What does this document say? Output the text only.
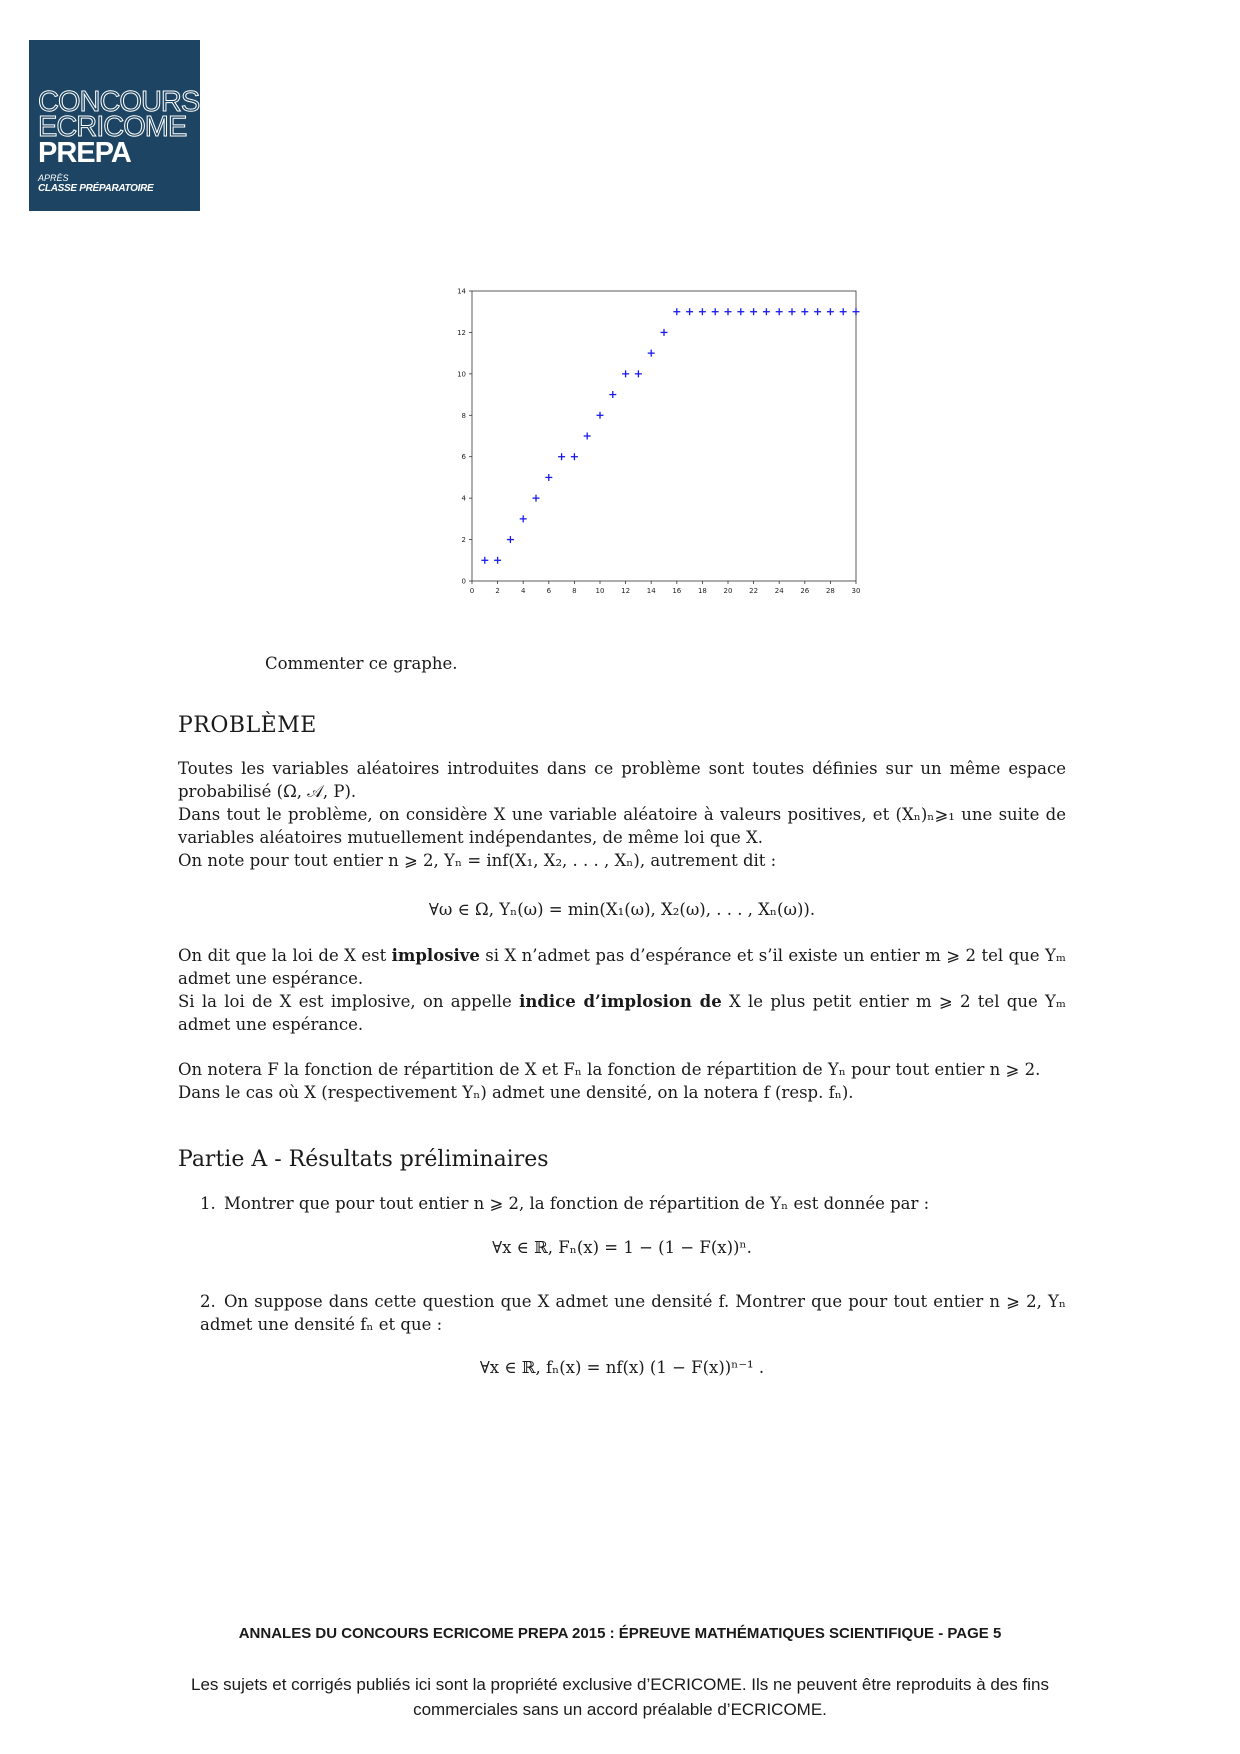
CONCOURS
ECRICOME
PREPA
APRÈS
CLASSE PRÉPARATOIRE
0	2	4	6	8	10 12 14 16 18 20 22 24 26 28 30
0
2
4
6
8
10
12
14
Commenter ce graphe.
PROBLÈME

Toutes les variables aléatoires introduites dans ce problème sont toutes définies sur un même espace probabilisé (Ω, 𝒜, P).

Dans tout le problème, on considère X une variable aléatoire à valeurs positives, et (Xₙ)ₙ⩾₁ une suite de variables aléatoires mutuellement indépendantes, de même loi que X.

On note pour tout entier n ⩾ 2, Yₙ = inf(X₁, X₂, . . . , Xₙ), autrement dit :

∀ω ∈ Ω, Yₙ(ω) = min(X₁(ω), X₂(ω), . . . , Xₙ(ω)).

On dit que la loi de X est implosive si X n’admet pas d’espérance et s’il existe un entier m ⩾ 2 tel que Yₘ admet une espérance.

Si la loi de X est implosive, on appelle indice d’implosion de X le plus petit entier m ⩾ 2 tel que Yₘ admet une espérance.

On notera F la fonction de répartition de X et Fₙ la fonction de répartition de Yₙ pour tout entier n ⩾ 2.

Dans le cas où X (respectivement Yₙ) admet une densité, on la notera f (resp. fₙ).

Partie A - Résultats préliminaires
1. Montrer que pour tout entier n ⩾ 2, la fonction de répartition de Yₙ est donnée par :
∀x ∈ ℝ, Fₙ(x) = 1 − (1 − F(x))ⁿ.
2. On suppose dans cette question que X admet une densité f. Montrer que pour tout entier n ⩾ 2, Yₙ admet une densité fₙ et que :
∀x ∈ ℝ, fₙ(x) = nf(x) (1 − F(x))ⁿ⁻¹ .
ANNALES DU CONCOURS ECRICOME PREPA 2015 : ÉPREUVE MATHÉMATIQUES SCIENTIFIQUE - PAGE 5
Les sujets et corrigés publiés ici sont la propriété exclusive d’ECRICOME. Ils ne peuvent être reproduits à des fins commerciales sans un accord préalable d’ECRICOME.
